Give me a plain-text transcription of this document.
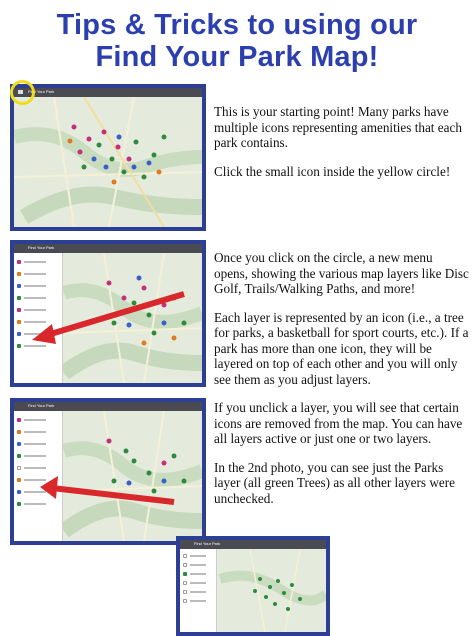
Tips & Tricks to using our
Find Your Park Map!
Find Your Park

This is your starting point! Many parks have multiple icons representing amenities that each park contains.

Click the small icon inside the yellow circle!

Find Your Park

Once you click on the circle, a new menu opens, showing the various map layers like Disc Golf, Trails/Walking Paths, and more!

Each layer is represented by an icon (i.e., a tree for parks, a basketball for sport courts, etc.). If a park has more than one icon, they will be layered on top of each other and you will only see them as you adjust layers.

Find Your Park
Find Your Park

If you unclick a layer, you will see that certain icons are removed from the map. You can have all layers active or just one or two layers.

In the 2nd photo, you can see just the Parks layer (all green Trees) as all other layers were unchecked.
